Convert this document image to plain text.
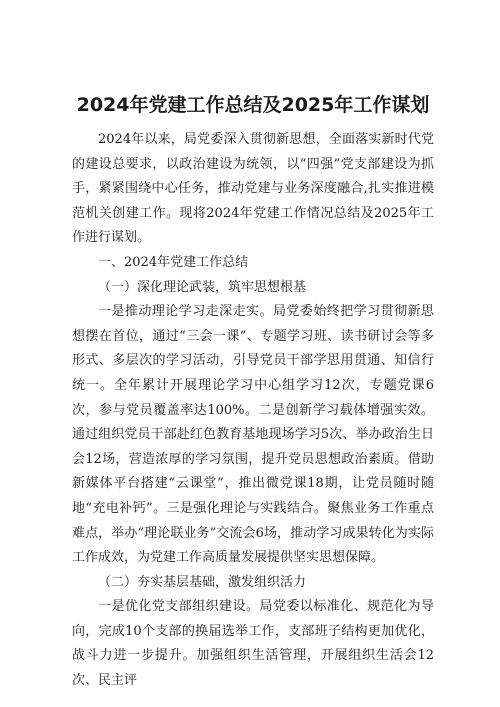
2024年党建工作总结及2025年工作谋划

2024年以来，局党委深入贯彻新思想，全面落实新时代党的建设总要求，以政治建设为统领，以“四强”党支部建设为抓手，紧紧围绕中心任务，推动党建与业务深度融合,扎实推进模范机关创建工作。现将2024年党建工作情况总结及2025年工作进行谋划。

一、2024年党建工作总结

（一）深化理论武装，筑牢思想根基

一是推动理论学习走深走实。局党委始终把学习贯彻新思想摆在首位，通过“三会一课”、专题学习班、读书研讨会等多形式、多层次的学习活动，引导党员干部学思用贯通、知信行统一。全年累计开展理论学习中心组学习12次，专题党课6次，参与党员覆盖率达100%。二是创新学习载体增强实效。通过组织党员干部赴红色教育基地现场学习5次、举办政治生日会12场，营造浓厚的学习氛围，提升党员思想政治素质。借助新媒体平台搭建“云课堂”，推出微党课18期，让党员随时随地“充电补钙”。三是强化理论与实践结合。聚焦业务工作重点难点，举办“理论联业务”交流会6场，推动学习成果转化为实际工作成效，为党建工作高质量发展提供坚实思想保障。

（二）夯实基层基础，激发组织活力

一是优化党支部组织建设。局党委以标准化、规范化为导向，完成10个支部的换届选举工作，支部班子结构更加优化，战斗力进一步提升。加强组织生活管理，开展组织生活会12次、民主评
